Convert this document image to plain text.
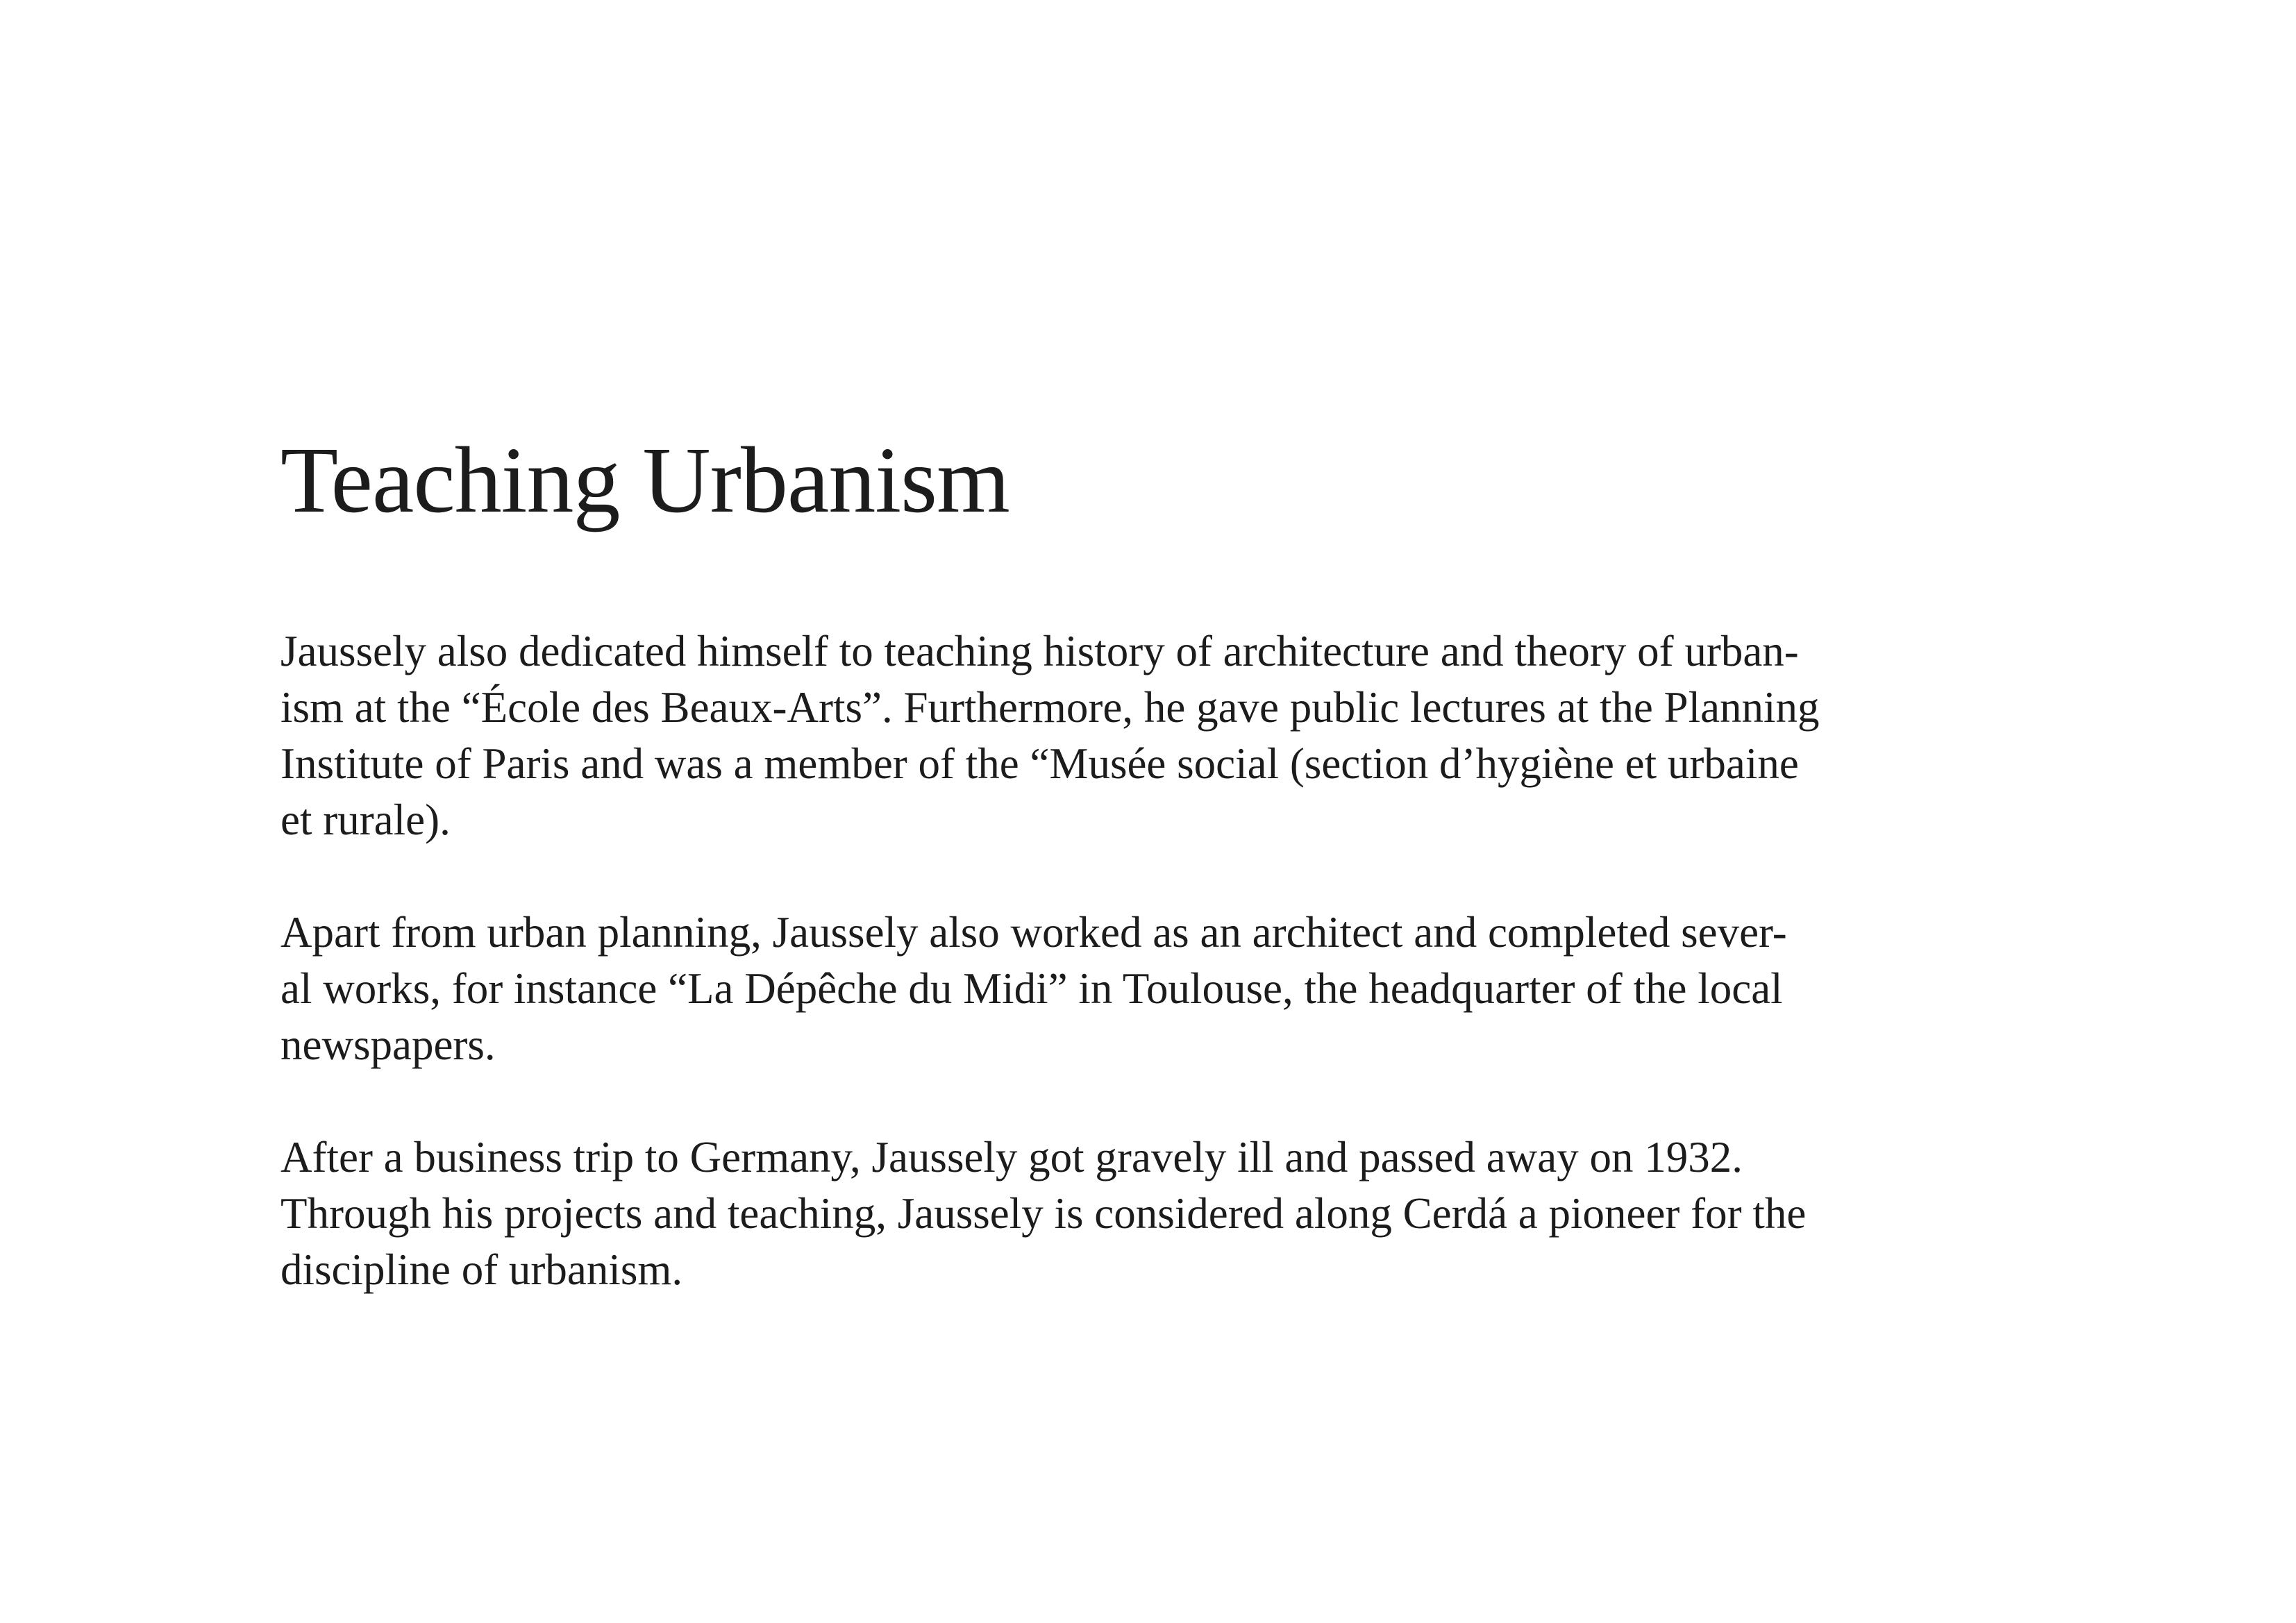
Teaching Urbanism

Jaussely also dedicated himself to teaching history of architecture and theory of urban-
ism at the “École des Beaux-Arts”. Furthermore, he gave public lectures at the Planning
Institute of Paris and was a member of the “Musée social (section d’hygiène et urbaine
et rurale).

Apart from urban planning, Jaussely also worked as an architect and completed sever-
al works, for instance “La Dépêche du Midi” in Toulouse, the headquarter of the local
newspapers.

After a business trip to Germany, Jaussely got gravely ill and passed away on 1932.
Through his projects and teaching, Jaussely is considered along Cerdá a pioneer for the
discipline of urbanism.
